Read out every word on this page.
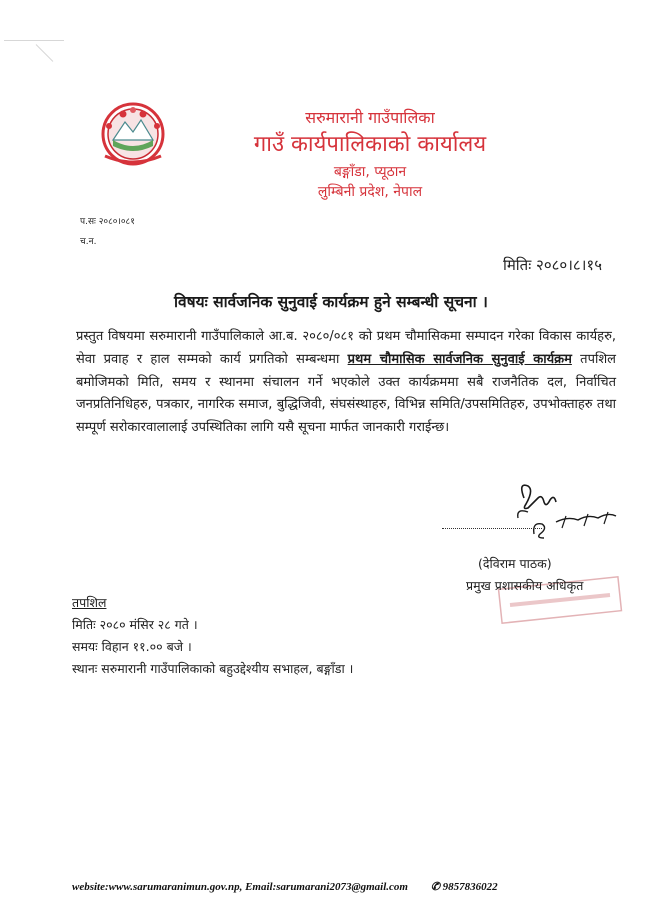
सरुमारानी गाउँपालिका
गाउँ कार्यपालिकाको कार्यालय
बङ्गाँडा, प्यूठान
लुम्बिनी प्रदेश, नेपाल
प.सः २०८०।०८१
च.न.
मितिः २०८०।८।१५
विषयः सार्वजनिक सुनुवाई कार्यक्रम हुने सम्बन्धी सूचना ।
प्रस्तुत विषयमा सरुमारानी गाउँपालिकाले आ.ब. २०८०/०८१ को प्रथम चौमासिकमा सम्पादन गरेका विकास कार्यहरु, सेवा प्रवाह र हाल सम्मको कार्य प्रगतिको सम्बन्धमा प्रथम चौमासिक सार्वजनिक सुनुवाई कार्यक्रम तपशिल बमोजिमको मिति, समय र स्थानमा संचालन गर्ने भएकोले उक्त कार्यक्रममा सबै राजनैतिक दल, निर्वाचित जनप्रतिनिधिहरु, पत्रकार, नागरिक समाज, बुद्धिजिवी, संघसंस्थाहरु, विभिन्न समिति/उपसमितिहरु, उपभोक्ताहरु तथा सम्पूर्ण सरोकारवालालाई उपस्थितिका लागि यसै सूचना मार्फत जानकारी गराईन्छ।
(देविराम पाठक)
प्रमुख प्रशासकीय अधिकृत
तपशिल
मितिः २०८० मंसिर २८ गते ।
समयः विहान ११.०० बजे ।
स्थानः सरुमारानी गाउँपालिकाको बहुउद्देश्यीय सभाहल, बङ्गाँडा ।
website:www.sarumaranimun.gov.np, Email:sarumarani2073@gmail.com ✆ 9857836022
